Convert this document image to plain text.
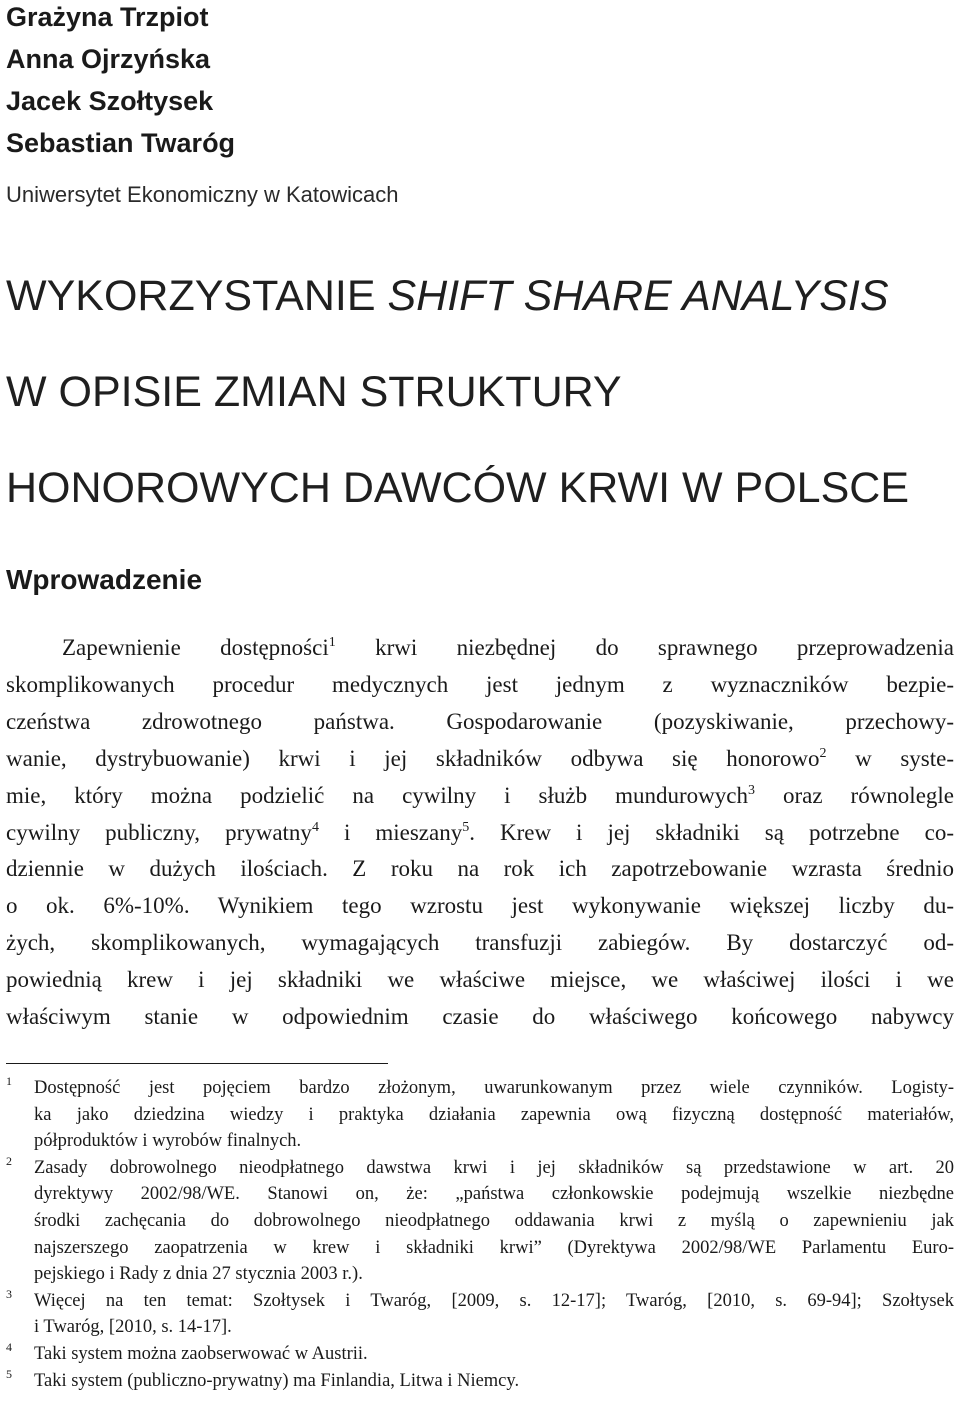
Grażyna Trzpiot
Anna Ojrzyńska
Jacek Szołtysek
Sebastian Twaróg
Uniwersytet Ekonomiczny w Katowicach
WYKORZYSTANIE SHIFT SHARE ANALYSIS
W OPISIE ZMIAN STRUKTURY
HONOROWYCH DAWCÓW KRWI W POLSCE
Wprowadzenie
Zapewnienie dostępności$^1$ krwi niezbędnej do sprawnego przeprowadzenia
skomplikowanych procedur medycznych jest jednym z wyznaczników bezpie-
czeństwa zdrowotnego państwa. Gospodarowanie (pozyskiwanie, przechowy-
wanie, dystrybuowanie) krwi i jej składników odbywa się honorowo$^2$ w syste-
mie, który można podzielić na cywilny i służb mundurowych$^3$ oraz równolegle
cywilny publiczny, prywatny$^4$ i mieszany$^5$. Krew i jej składniki są potrzebne co-
dziennie w dużych ilościach. Z roku na rok ich zapotrzebowanie wzrasta średnio
o ok. 6%-10%. Wynikiem tego wzrostu jest wykonywanie większej liczby du-
żych, skomplikowanych, wymagających transfuzji zabiegów. By dostarczyć od-
powiednią krew i jej składniki we właściwe miejsce, we właściwej ilości i we
właściwym stanie w odpowiednim czasie do właściwego końcowego nabywcy
1 Dostępność jest pojęciem bardzo złożonym, uwarunkowanym przez wiele czynników. Logisty-
ka jako dziedzina wiedzy i praktyka działania zapewnia ową fizyczną dostępność materiałów,
półproduktów i wyrobów finalnych.
2 Zasady dobrowolnego nieodpłatnego dawstwa krwi i jej składników są przedstawione w art. 20
dyrektywy 2002/98/WE. Stanowi on, że: „państwa członkowskie podejmują wszelkie niezbędne
środki zachęcania do dobrowolnego nieodpłatnego oddawania krwi z myślą o zapewnieniu jak
najszerszego zaopatrzenia w krew i składniki krwi” (Dyrektywa 2002/98/WE Parlamentu Euro-
pejskiego i Rady z dnia 27 stycznia 2003 r.).
3 Więcej na ten temat: Szołtysek i Twaróg, [2009, s. 12-17]; Twaróg, [2010, s. 69-94]; Szołtysek
i Twaróg, [2010, s. 14-17].
4 Taki system można zaobserwować w Austrii.
5 Taki system (publiczno-prywatny) ma Finlandia, Litwa i Niemcy.
